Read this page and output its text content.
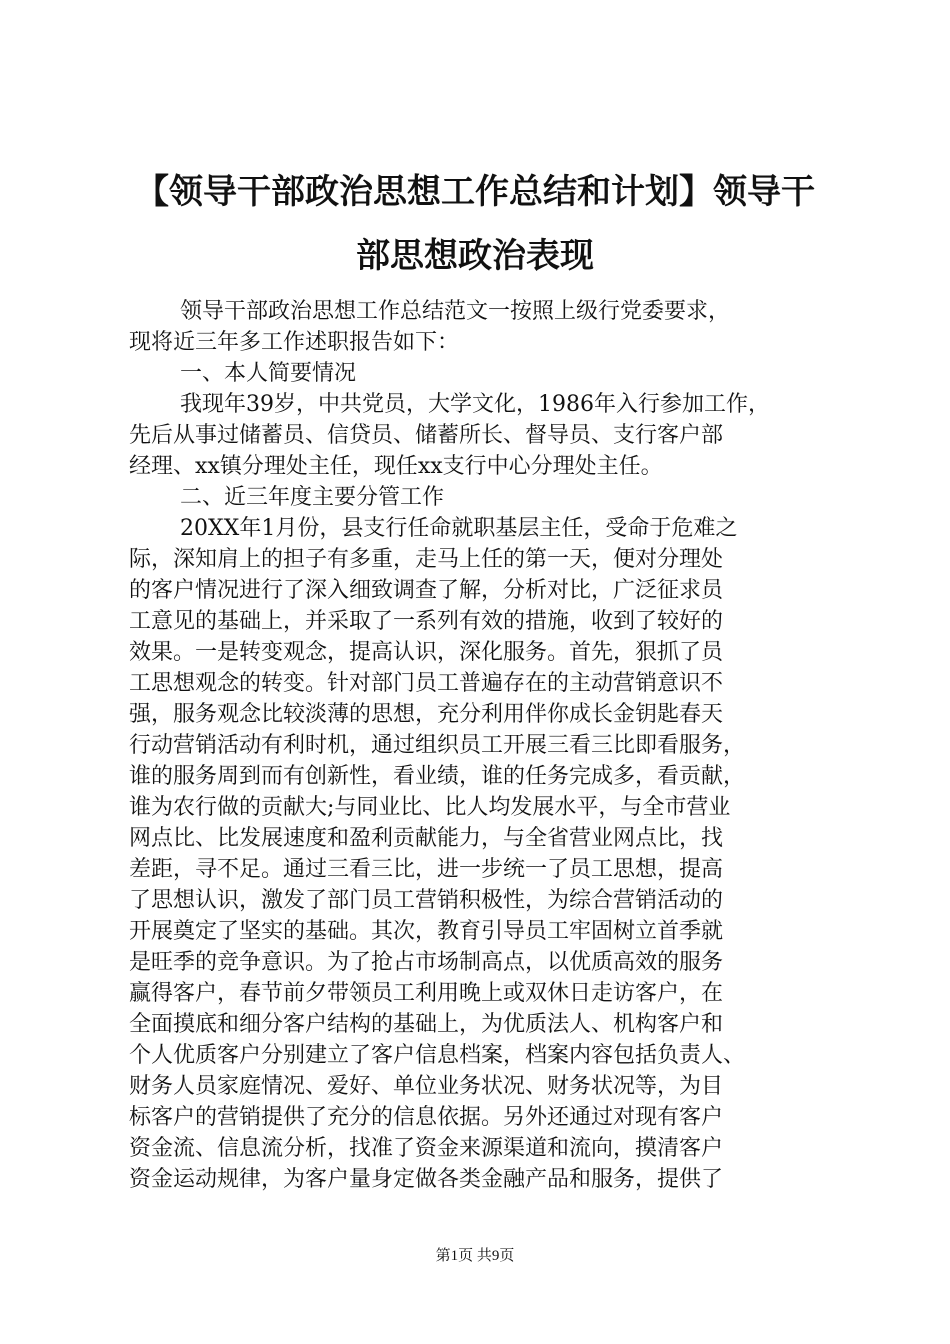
【领导干部政治思想工作总结和计划】领导干
部思想政治表现
领导干部政治思想工作总结范文一按照上级行党委要求，
现将近三年多工作述职报告如下：
一、本人简要情况
我现年39岁，中共党员，大学文化，1986年入行参加工作，
先后从事过储蓄员、信贷员、储蓄所长、督导员、支行客户部
经理、xx镇分理处主任，现任xx支行中心分理处主任。
二、近三年度主要分管工作
20XX年1月份，县支行任命就职基层主任，受命于危难之
际，深知肩上的担子有多重，走马上任的第一天，便对分理处
的客户情况进行了深入细致调查了解，分析对比，广泛征求员
工意见的基础上，并采取了一系列有效的措施，收到了较好的
效果。一是转变观念，提高认识，深化服务。首先，狠抓了员
工思想观念的转变。针对部门员工普遍存在的主动营销意识不
强，服务观念比较淡薄的思想，充分利用伴你成长金钥匙春天
行动营销活动有利时机，通过组织员工开展三看三比即看服务，
谁的服务周到而有创新性，看业绩，谁的任务完成多，看贡献，
谁为农行做的贡献大;与同业比、比人均发展水平，与全市营业
网点比、比发展速度和盈利贡献能力，与全省营业网点比，找
差距，寻不足。通过三看三比，进一步统一了员工思想，提高
了思想认识，激发了部门员工营销积极性，为综合营销活动的
开展奠定了坚实的基础。其次，教育引导员工牢固树立首季就
是旺季的竞争意识。为了抢占市场制高点，以优质高效的服务
赢得客户，春节前夕带领员工利用晚上或双休日走访客户，在
全面摸底和细分客户结构的基础上，为优质法人、机构客户和
个人优质客户分别建立了客户信息档案，档案内容包括负责人、
财务人员家庭情况、爱好、单位业务状况、财务状况等，为目
标客户的营销提供了充分的信息依据。另外还通过对现有客户
资金流、信息流分析，找准了资金来源渠道和流向，摸清客户
资金运动规律，为客户量身定做各类金融产品和服务，提供了
第1页 共9页
